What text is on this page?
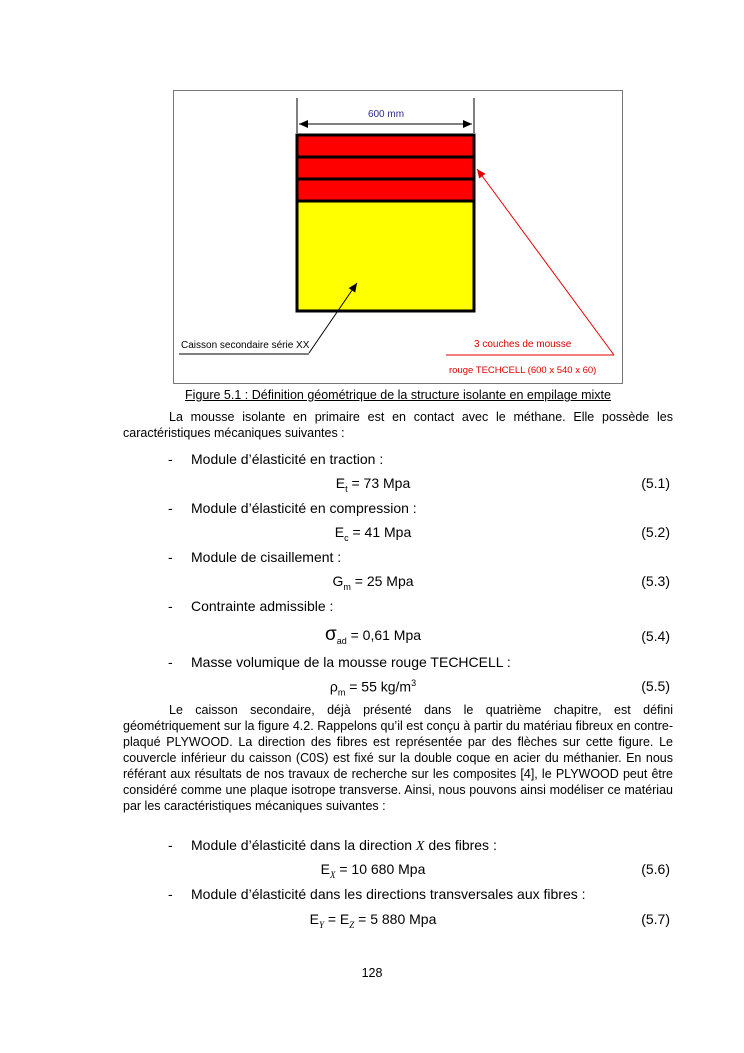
600 mm
Caisson secondaire série XX	3 couches de mousse
rouge TECHCELL (600 x 540 x 60)
Figure 5.1 : Définition géométrique de la structure isolante en empilage mixte

La mousse isolante en primaire est en contact avec le méthane. Elle possède les caractéristiques mécaniques suivantes :

- Module d’élasticité en traction :
$E_t = 73$ Mpa	(5.1)
- Module d’élasticité en compression :
$E_c = 41$ Mpa	(5.2)
- Module de cisaillement :
$G_m = 25$ Mpa	(5.3)
- Contrainte admissible :
$\sigma_{ad} = 0,61$ Mpa	(5.4)
- Masse volumique de la mousse rouge TECHCELL :
$\rho_m = 55$ $kg/m^3$	(5.5)

Le caisson secondaire, déjà présenté dans le quatrième chapitre, est défini géométriquement sur la figure 4.2. Rappelons qu’il est conçu à partir du matériau fibreux en contre-plaqué PLYWOOD. La direction des fibres est représentée par des flèches sur cette figure. Le couvercle inférieur du caisson (C0S) est fixé sur la double coque en acier du méthanier. En nous référant aux résultats de nos travaux de recherche sur les composites [4], le PLYWOOD peut être considéré comme une plaque isotrope transverse. Ainsi, nous pouvons ainsi modéliser ce matériau par les caractéristiques mécaniques suivantes :

- Module d’élasticité dans la direction X des fibres :
$E_X = 10$ 680 Mpa	(5.6)
- Module d’élasticité dans les directions transversales aux fibres :
$E_Y = E_Z = 5$ 880 Mpa	(5.7)
128
